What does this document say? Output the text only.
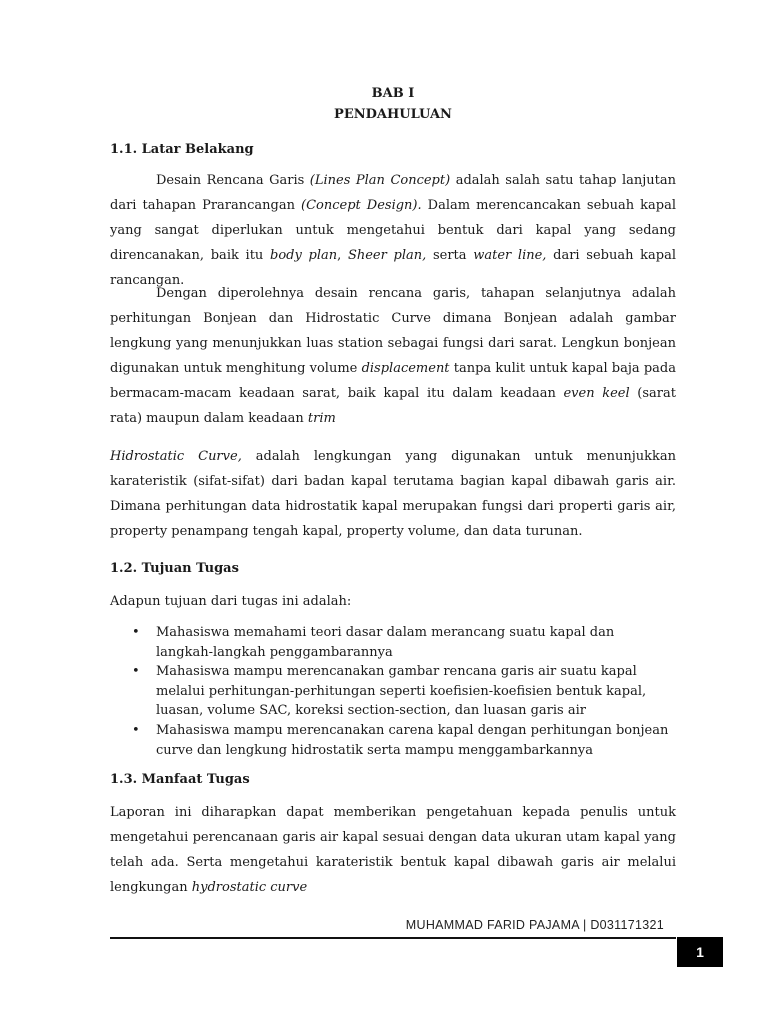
BAB I
PENDAHULUAN
1.1. Latar Belakang
Desain Rencana Garis (Lines Plan Concept) adalah salah satu tahap lanjutan dari tahapan Prarancangan (Concept Design). Dalam merencancakan sebuah kapal yang sangat diperlukan untuk mengetahui bentuk dari kapal yang sedang direncanakan, baik itu body plan, Sheer plan, serta water line, dari sebuah kapal rancangan.
Dengan diperolehnya desain rencana garis, tahapan selanjutnya adalah perhitungan Bonjean dan Hidrostatic Curve dimana Bonjean adalah gambar lengkung yang menunjukkan luas station sebagai fungsi dari sarat. Lengkun bonjean digunakan untuk menghitung volume displacement tanpa kulit untuk kapal baja pada bermacam-macam keadaan sarat, baik kapal itu dalam keadaan even keel (sarat rata) maupun dalam keadaan trim
Hidrostatic Curve, adalah lengkungan yang digunakan untuk menunjukkan karateristik (sifat-sifat) dari badan kapal terutama bagian kapal dibawah garis air. Dimana perhitungan data hidrostatik kapal merupakan fungsi dari properti garis air, property penampang tengah kapal, property volume, dan data turunan.
1.2. Tujuan Tugas
Adapun tujuan dari tugas ini adalah:
• Mahasiswa memahami teori dasar dalam merancang suatu kapal dan langkah-langkah penggambarannya
• Mahasiswa mampu merencanakan gambar rencana garis air suatu kapal melalui perhitungan-perhitungan seperti koefisien-koefisien bentuk kapal, luasan, volume SAC, koreksi section-section, dan luasan garis air
• Mahasiswa mampu merencanakan carena kapal dengan perhitungan bonjean curve dan lengkung hidrostatik serta mampu menggambarkannya
1.3. Manfaat Tugas
Laporan ini diharapkan dapat memberikan pengetahuan kepada penulis untuk mengetahui perencanaan garis air kapal sesuai dengan data ukuran utam kapal yang telah ada. Serta mengetahui karateristik bentuk kapal dibawah garis air melalui lengkungan hydrostatic curve
MUHAMMAD FARID PAJAMA | D031171321
1
